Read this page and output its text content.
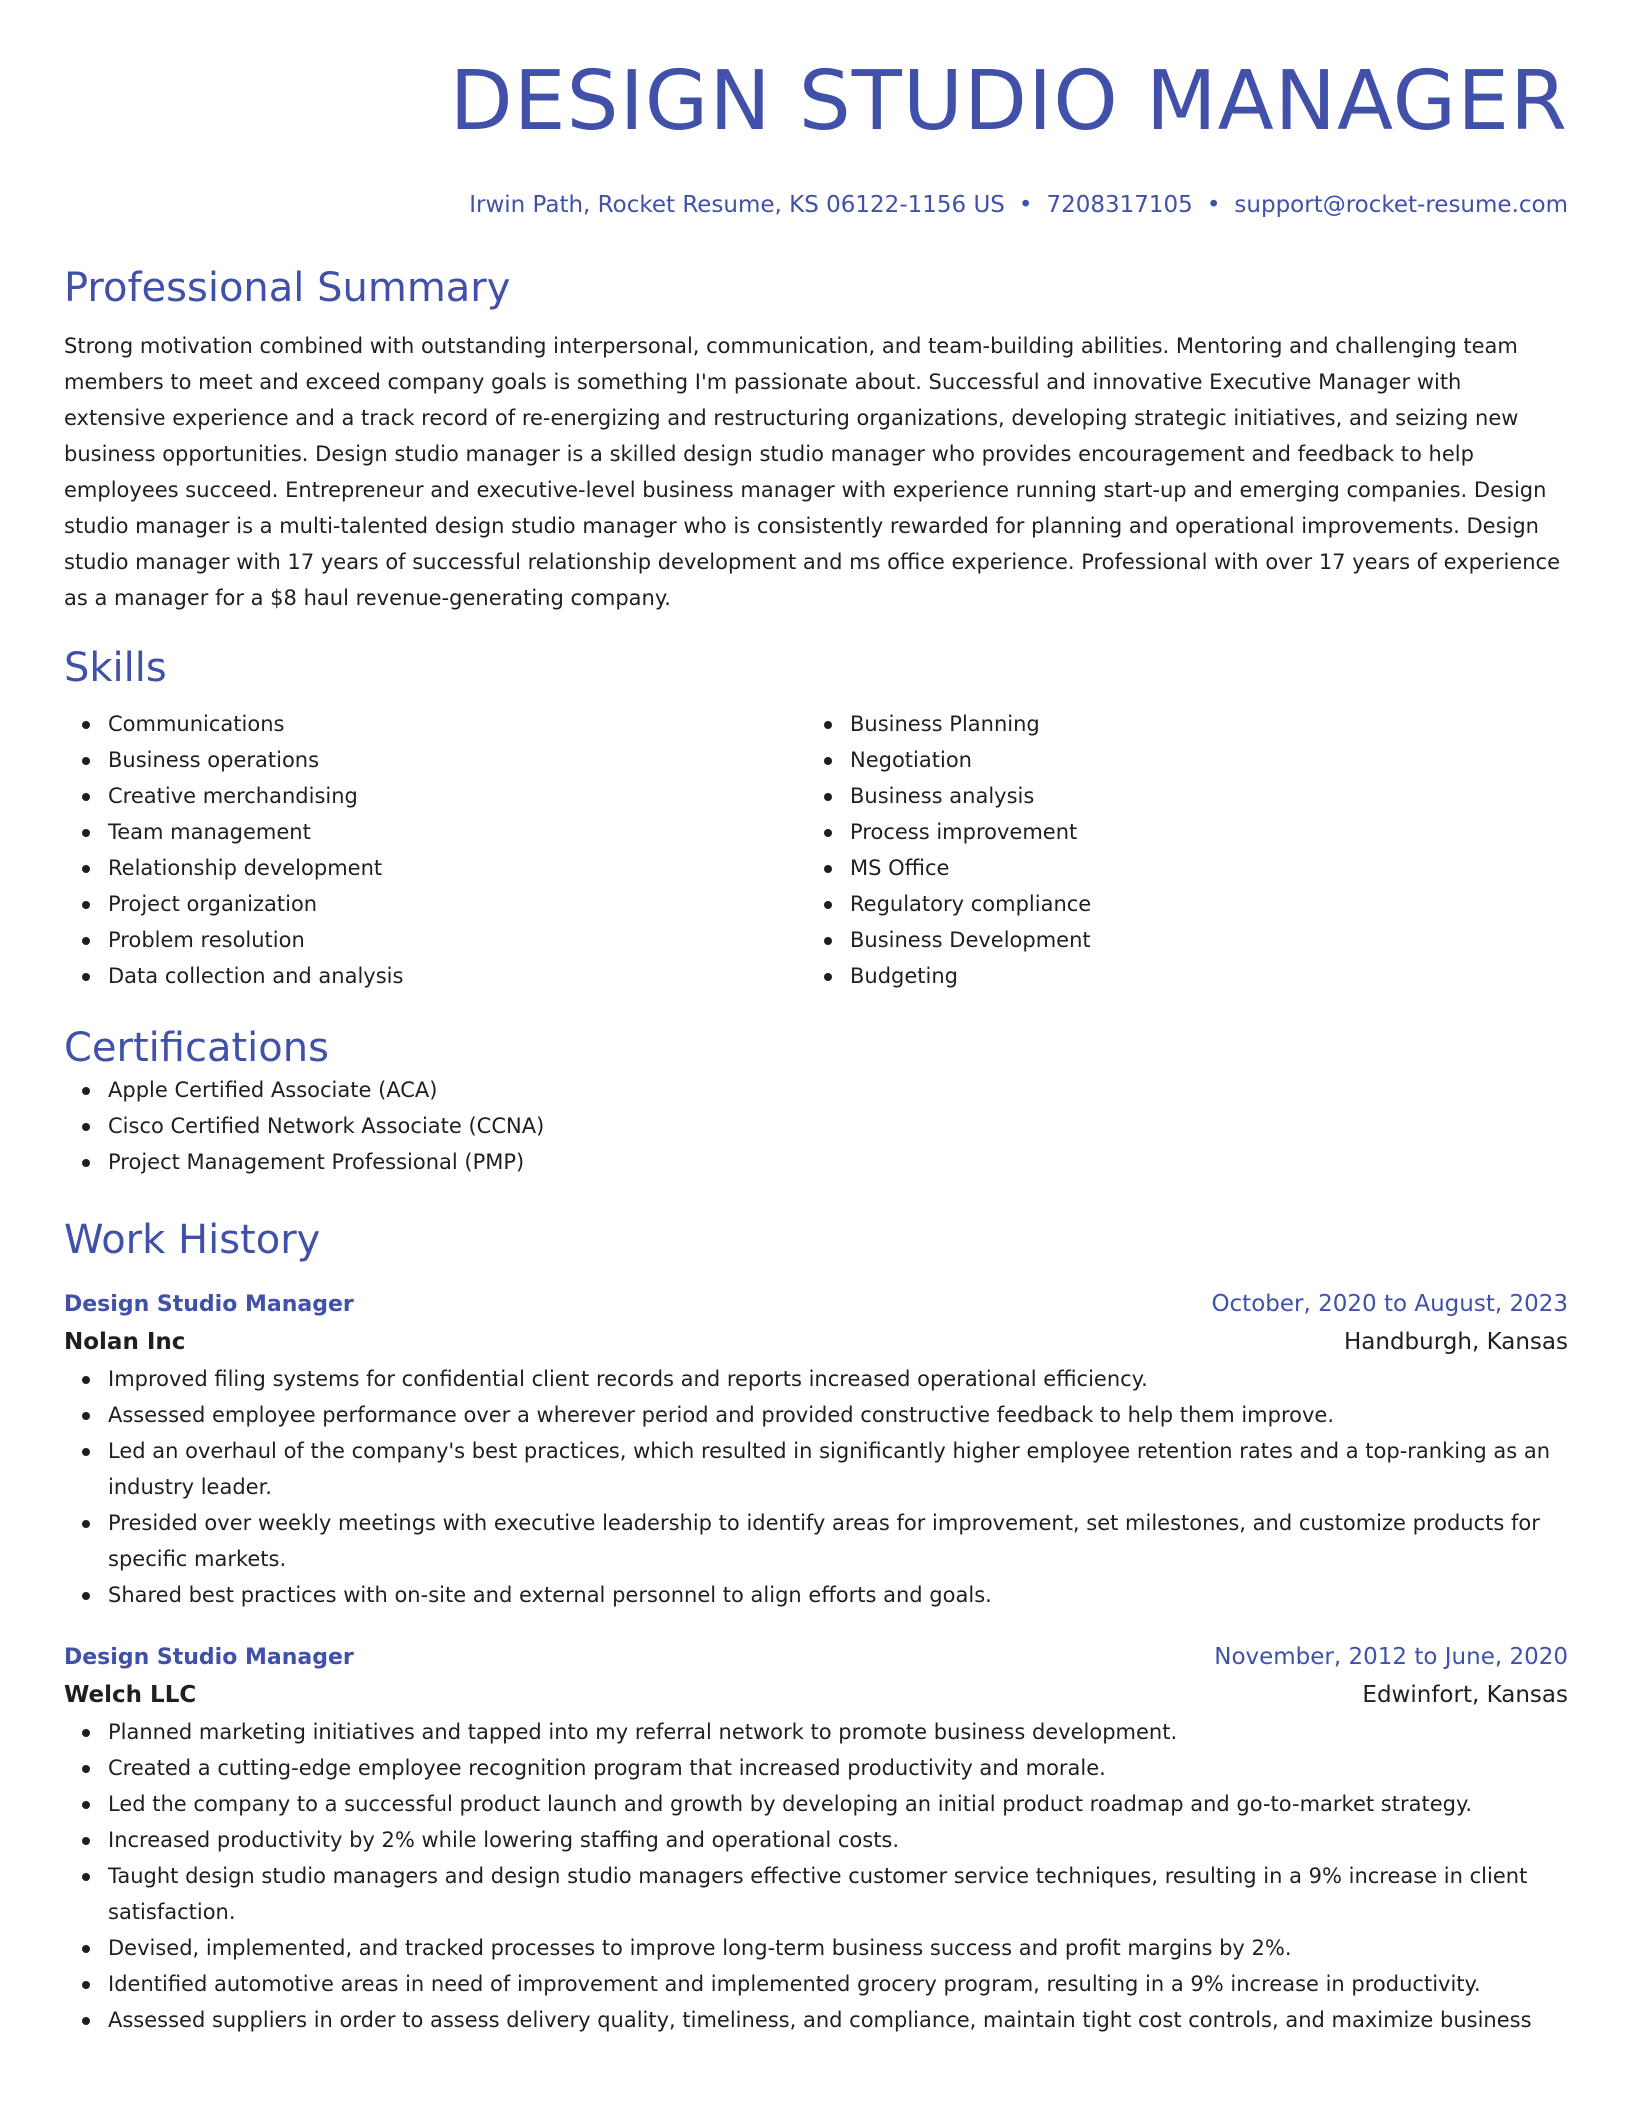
DESIGN STUDIO MANAGER
Irwin Path, Rocket Resume, KS 06122-1156 US • 7208317105 • support@rocket-resume.com
Professional Summary

Strong motivation combined with outstanding interpersonal, communication, and team-building abilities. Mentoring and challenging team members to meet and exceed company goals is something I'm passionate about. Successful and innovative Executive Manager with extensive experience and a track record of re-energizing and restructuring organizations, developing strategic initiatives, and seizing new business opportunities. Design studio manager is a skilled design studio manager who provides encouragement and feedback to help employees succeed. Entrepreneur and executive-level business manager with experience running start-up and emerging companies. Design studio manager is a multi-talented design studio manager who is consistently rewarded for planning and operational improvements. Design studio manager with 17 years of successful relationship development and ms office experience. Professional with over 17 years of experience as a manager for a $8 haul revenue-generating company.

Skills
Communications
Business operations
Creative merchandising
Team management
Relationship development
Project organization
Problem resolution
Data collection and analysis
Business Planning
Negotiation
Business analysis
Process improvement
MS Office
Regulatory compliance
Business Development
Budgeting
Certifications
Apple Certified Associate (ACA)
Cisco Certified Network Associate (CCNA)
Project Management Professional (PMP)
Work History
Design Studio Manager	October, 2020 to August, 2023
Nolan Inc	Handburgh, Kansas
Improved filing systems for confidential client records and reports increased operational efficiency.
Assessed employee performance over a wherever period and provided constructive feedback to help them improve.
Led an overhaul of the company's best practices, which resulted in significantly higher employee retention rates and a top-ranking as an industry leader.
Presided over weekly meetings with executive leadership to identify areas for improvement, set milestones, and customize products for specific markets.
Shared best practices with on-site and external personnel to align efforts and goals.
Design Studio Manager	November, 2012 to June, 2020
Welch LLC	Edwinfort, Kansas
Planned marketing initiatives and tapped into my referral network to promote business development.
Created a cutting-edge employee recognition program that increased productivity and morale.
Led the company to a successful product launch and growth by developing an initial product roadmap and go-to-market strategy.
Increased productivity by 2% while lowering staffing and operational costs.
Taught design studio managers and design studio managers effective customer service techniques, resulting in a 9% increase in client satisfaction.
Devised, implemented, and tracked processes to improve long-term business success and profit margins by 2%.
Identified automotive areas in need of improvement and implemented grocery program, resulting in a 9% increase in productivity.
Assessed suppliers in order to assess delivery quality, timeliness, and compliance, maintain tight cost controls, and maximize business
